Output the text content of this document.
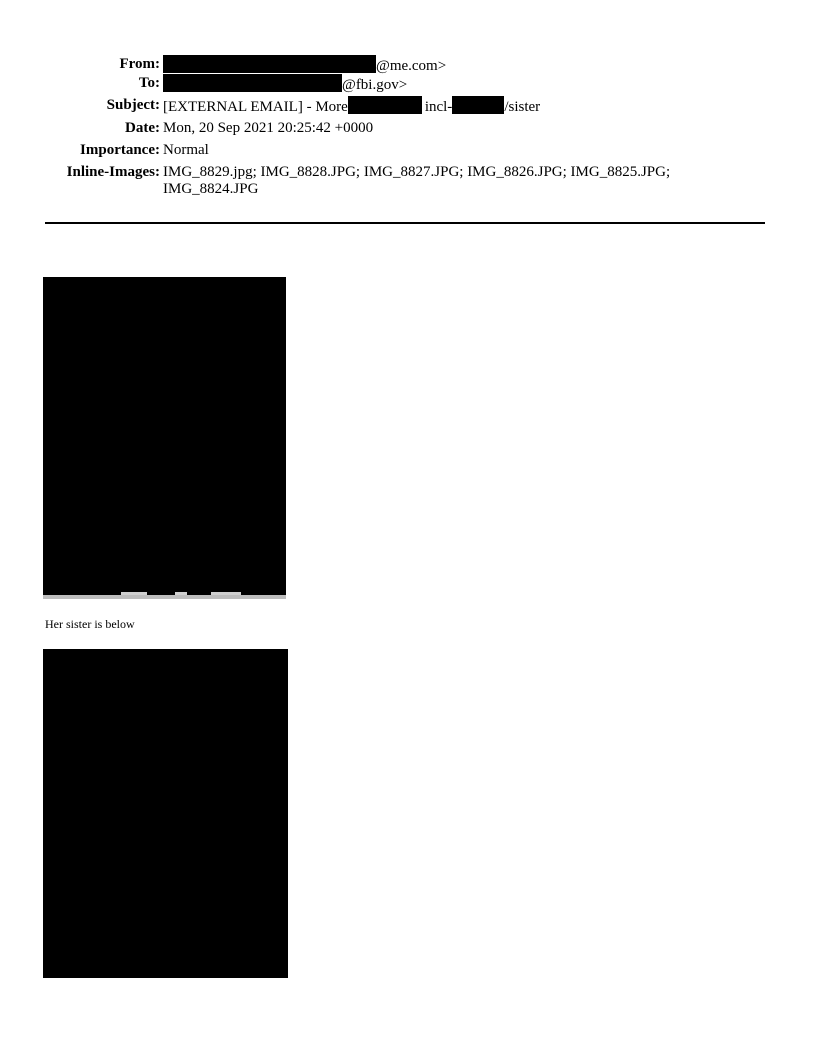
From:	@me.com>
To:	@fbi.gov>
Subject: [EXTERNAL EMAIL] - More	incl-	/sister
Date: Mon, 20 Sep 2021 20:25:42 +0000
Importance: Normal
Inline-Images: IMG_8829.jpg; IMG_8828.JPG; IMG_8827.JPG; IMG_8826.JPG; IMG_8825.JPG;
IMG_8824.JPG
Her sister is below
